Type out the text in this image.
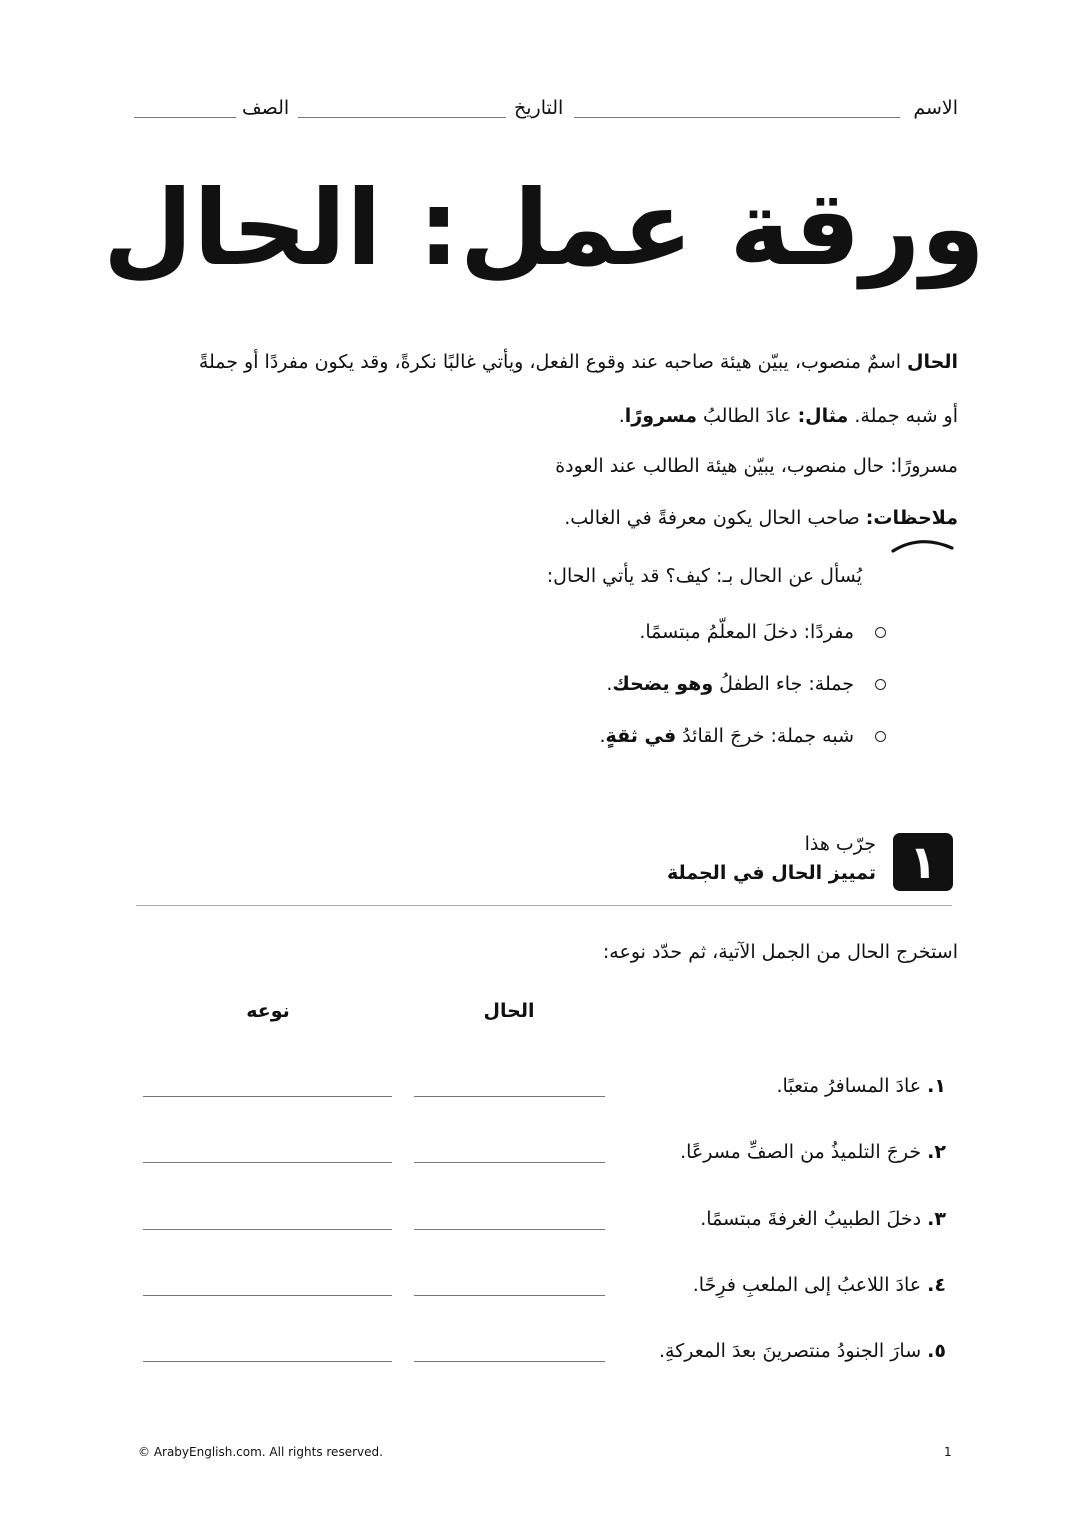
الاسم
التاريخ
الصف
ورقة عمل: الحال
الحال اسمٌ منصوب، يبيّن هيئة صاحبه عند وقوع الفعل، ويأتي غالبًا نكرةً، وقد يكون مفردًا أو جملةً
أو شبه جملة. مثال: عادَ الطالبُ مسرورًا.
مسرورًا: حال منصوب، يبيّن هيئة الطالب عند العودة
ملاحظات: صاحب الحال يكون معرفةً في الغالب.
يُسأل عن الحال بـ: كيف؟ قد يأتي الحال:
مفردًا: دخلَ المعلّمُ مبتسمًا.
جملة: جاء الطفلُ وهو يضحك.
شبه جملة: خرجَ القائدُ في ثقةٍ.
١
جرّب هذا
تمييز الحال في الجملة
استخرج الحال من الجمل الآتية، ثم حدّد نوعه:
الحال
نوعه
١. عادَ المسافرُ متعبًا.
٢. خرجَ التلميذُ من الصفِّ مسرعًا.
٣. دخلَ الطبيبُ الغرفةَ مبتسمًا.
٤. عادَ اللاعبُ إلى الملعبِ فرِحًا.
٥. سارَ الجنودُ منتصرينَ بعدَ المعركةِ.
© ArabyEnglish.com. All rights reserved.	1
